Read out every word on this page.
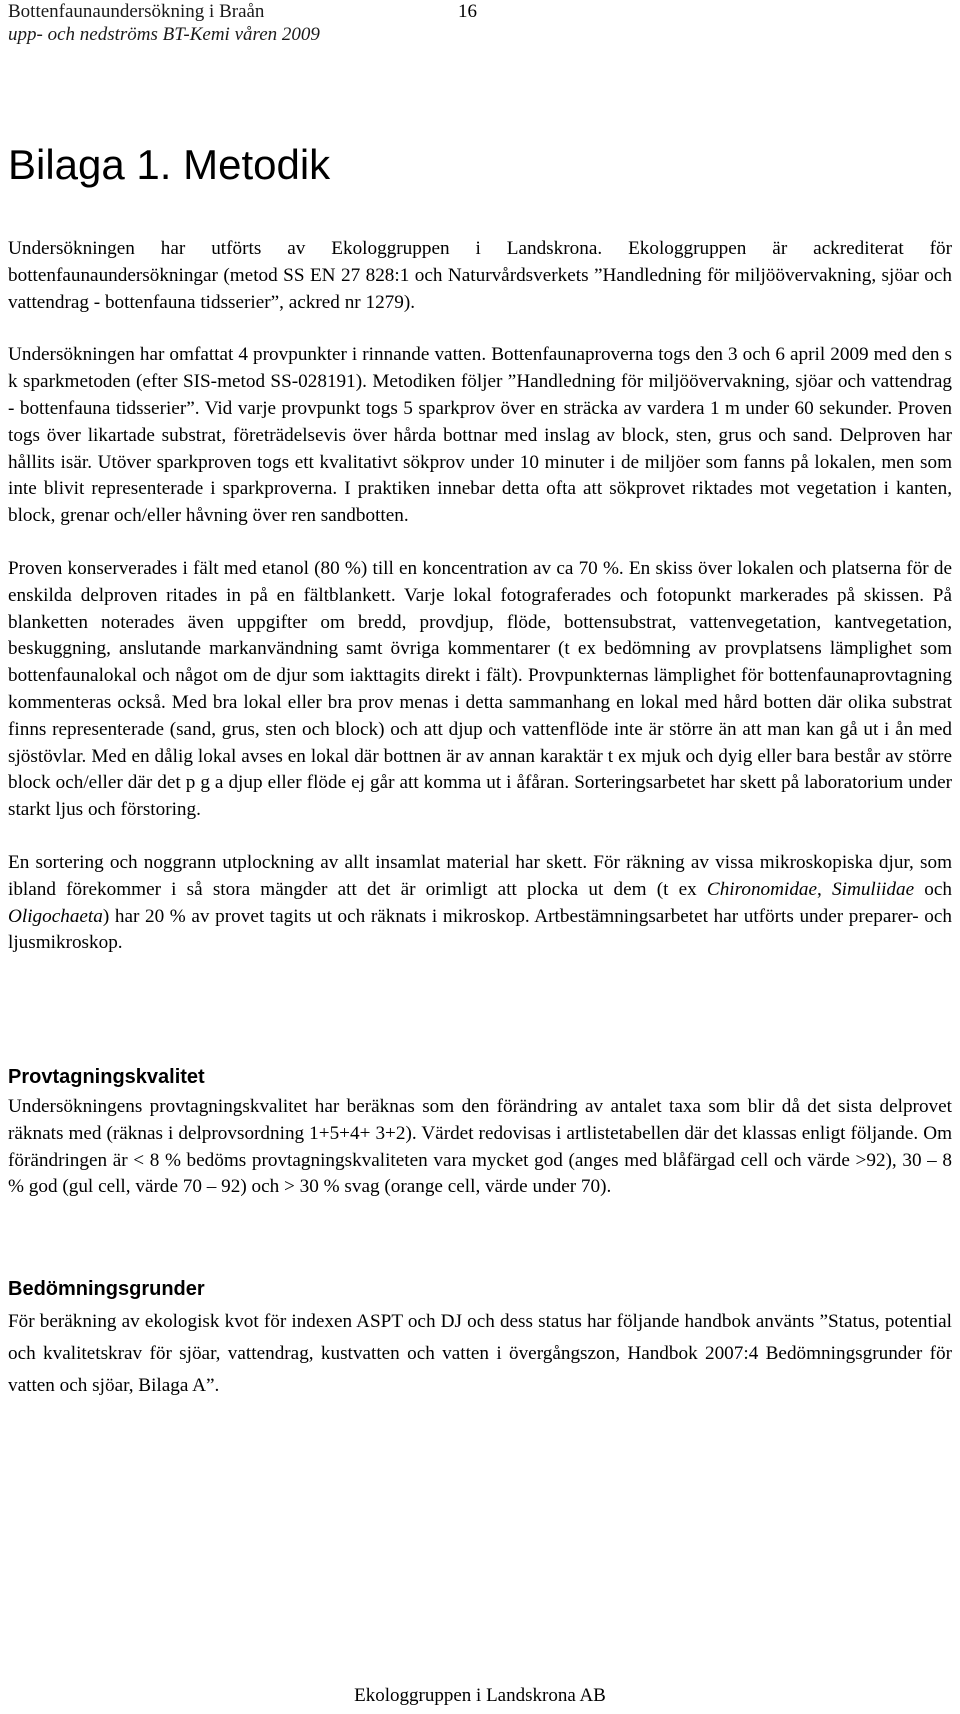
Bottenfaunaundersökning i Braån
upp- och nedströms BT-Kemi våren 2009
16
Bilaga 1. Metodik

Undersökningen har utförts av Ekologgruppen i Landskrona. Ekologgruppen är ackrediterat för bottenfaunaundersökningar (metod SS EN 27 828:1 och Naturvårdsverkets ”Handledning för miljöövervakning, sjöar och vattendrag - bottenfauna tidsserier”, ackred nr 1279).

Undersökningen har omfattat 4 provpunkter i rinnande vatten. Bottenfaunaproverna togs den 3 och 6 april 2009 med den s k sparkmetoden (efter SIS-metod SS-028191). Metodiken följer ”Handledning för miljöövervakning, sjöar och vattendrag - bottenfauna tidsserier”. Vid varje provpunkt togs 5 sparkprov över en sträcka av vardera 1 m under 60 sekunder. Proven togs över likartade substrat, företrädelsevis över hårda bottnar med inslag av block, sten, grus och sand. Delproven har hållits isär. Utöver sparkproven togs ett kvalitativt sökprov under 10 minuter i de miljöer som fanns på lokalen, men som inte blivit representerade i sparkproverna. I praktiken innebar detta ofta att sökprovet riktades mot vegetation i kanten, block, grenar och/eller håvning över ren sandbotten.

Proven konserverades i fält med etanol (80 %) till en koncentration av ca 70 %. En skiss över lokalen och platserna för de enskilda delproven ritades in på en fältblankett. Varje lokal fotograferades och fotopunkt markerades på skissen. På blanketten noterades även uppgifter om bredd, provdjup, flöde, bottensubstrat, vattenvegetation, kantvegetation, beskuggning, anslutande markanvändning samt övriga kommentarer (t ex bedömning av provplatsens lämplighet som bottenfaunalokal och något om de djur som iakttagits direkt i fält). Provpunkternas lämplighet för bottenfaunaprovtagning kommenteras också. Med bra lokal eller bra prov menas i detta sammanhang en lokal med hård botten där olika substrat finns representerade (sand, grus, sten och block) och att djup och vattenflöde inte är större än att man kan gå ut i ån med sjöstövlar. Med en dålig lokal avses en lokal där bottnen är av annan karaktär t ex mjuk och dyig eller bara består av större block och/eller där det p g a djup eller flöde ej går att komma ut i åfåran. Sorteringsarbetet har skett på laboratorium under starkt ljus och förstoring.

En sortering och noggrann utplockning av allt insamlat material har skett. För räkning av vissa mikroskopiska djur, som ibland förekommer i så stora mängder att det är orimligt att plocka ut dem (t ex Chironomidae, Simuliidae och Oligochaeta) har 20 % av provet tagits ut och räknats i mikroskop. Artbestämningsarbetet har utförts under preparer- och ljusmikroskop.

Provtagningskvalitet

Undersökningens provtagningskvalitet har beräknas som den förändring av antalet taxa som blir då det sista delprovet räknats med (räknas i delprovsordning 1+5+4+ 3+2). Värdet redovisas i artlistetabellen där det klassas enligt följande. Om förändringen är < 8 % bedöms provtagningskvaliteten vara mycket god (anges med blåfärgad cell och värde >92), 30 – 8 % god (gul cell, värde 70 – 92) och > 30 % svag (orange cell, värde under 70).

Bedömningsgrunder

För beräkning av ekologisk kvot för indexen ASPT och DJ och dess status har följande handbok använts ”Status, potential och kvalitetskrav för sjöar, vattendrag, kustvatten och vatten i övergångszon, Handbok 2007:4 Bedömningsgrunder för vatten och sjöar, Bilaga A”.

Ekologgruppen i Landskrona AB
